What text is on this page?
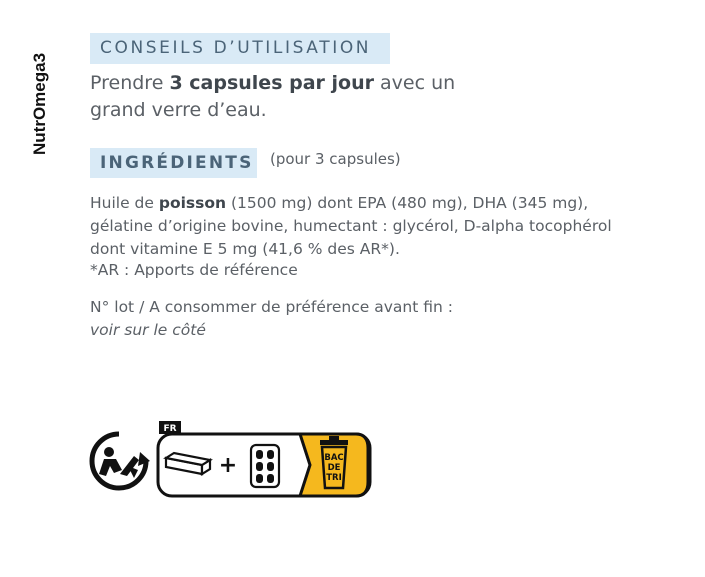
NutrOmega3
CONSEILS D’UTILISATION
Prendre 3 capsules par jour avec un grand verre d’eau.
INGRÉDIENTS (pour 3 capsules)
Huile de poisson (1500 mg) dont EPA (480 mg), DHA (345 mg), gélatine d’origine bovine, humectant : glycérol, D-alpha tocophérol dont vitamine E 5 mg (41,6 % des AR*).
*AR : Apports de référence
N° lot / A consommer de préférence avant fin :
voir sur le côté
FR
+	BAC
DE
TRI
